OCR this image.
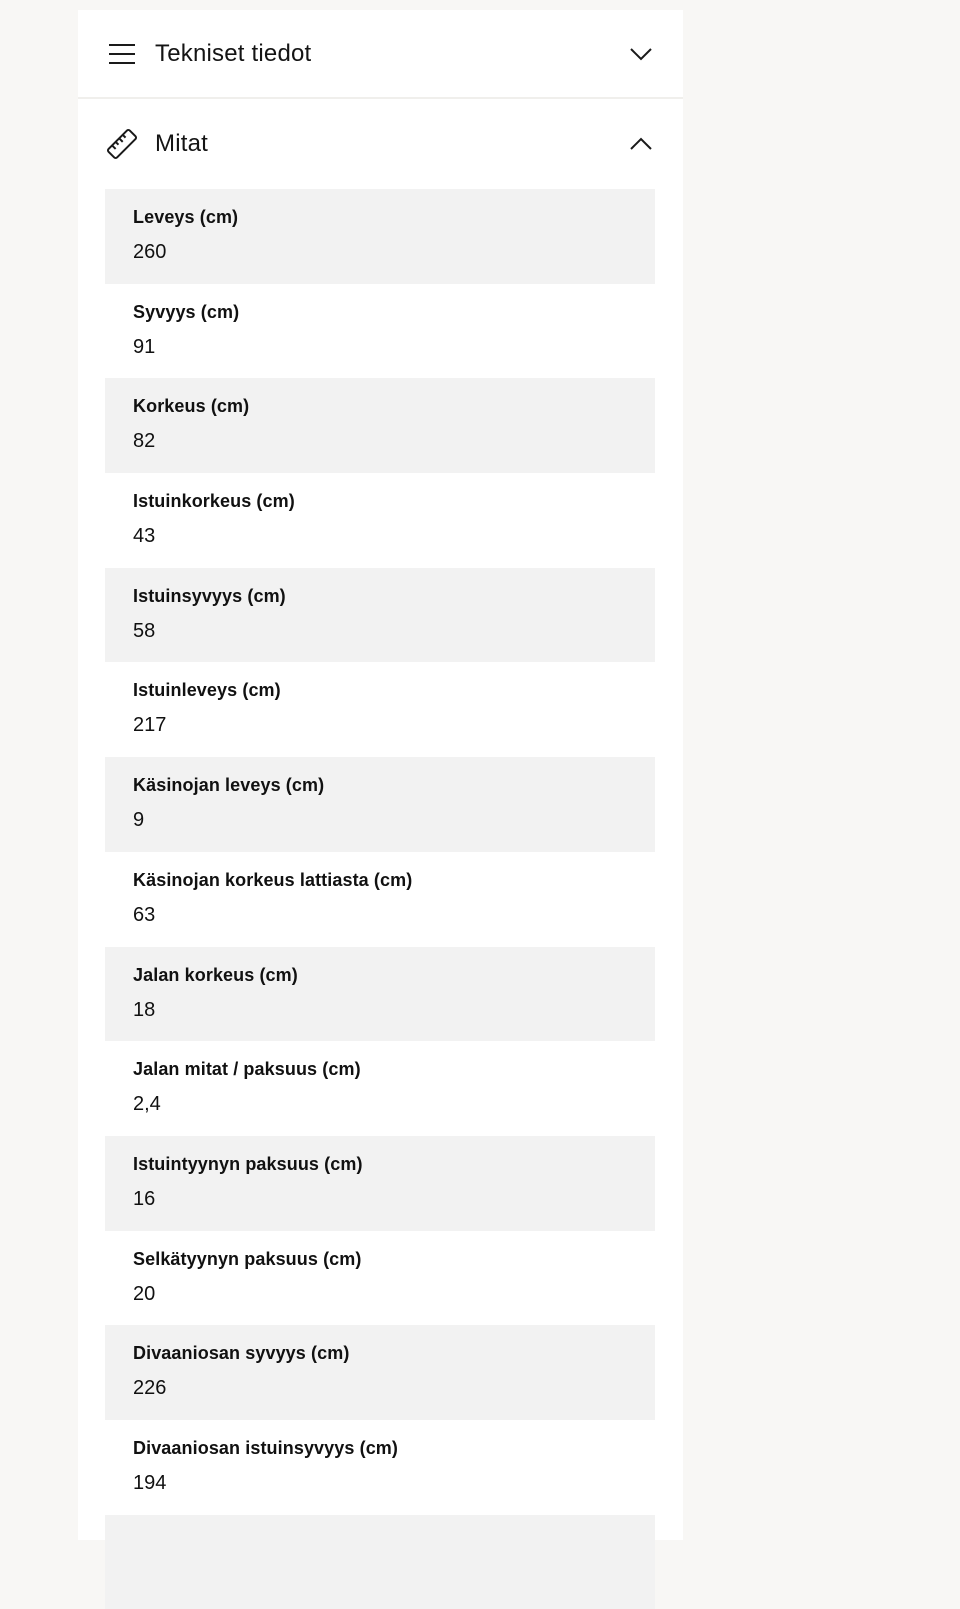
Tekniset tiedot
Mitat
Leveys (cm)
260
Syvyys (cm)
91
Korkeus (cm)
82
Istuinkorkeus (cm)
43
Istuinsyvyys (cm)
58
Istuinleveys (cm)
217
Käsinojan leveys (cm)
9
Käsinojan korkeus lattiasta (cm)
63
Jalan korkeus (cm)
18
Jalan mitat / paksuus (cm)
2,4
Istuintyynyn paksuus (cm)
16
Selkätyynyn paksuus (cm)
20
Divaaniosan syvyys (cm)
226
Divaaniosan istuinsyvyys (cm)
194
